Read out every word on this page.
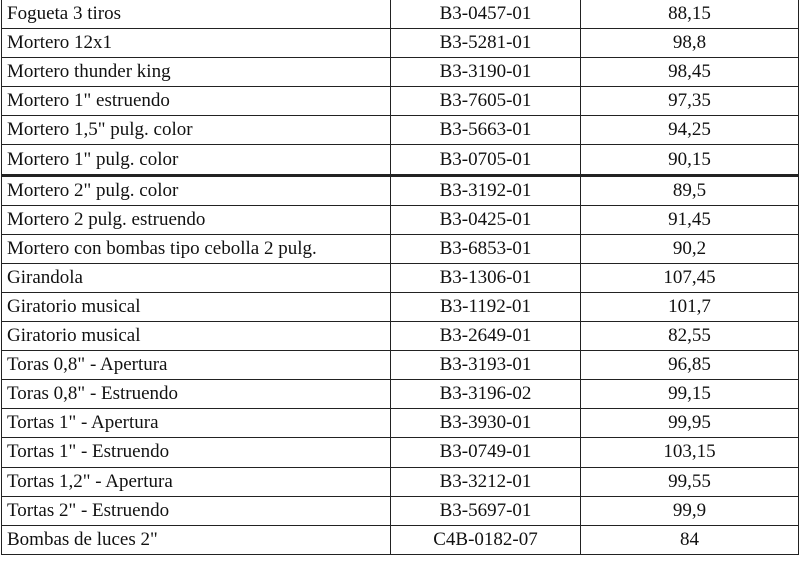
Fogueta 3 tiros	B3-0457-01	88,15
Mortero 12x1	B3-5281-01	98,8
Mortero thunder king	B3-3190-01	98,45
Mortero 1" estruendo	B3-7605-01	97,35
Mortero 1,5" pulg. color	B3-5663-01	94,25
Mortero 1" pulg. color	B3-0705-01	90,15
Mortero 2" pulg. color	B3-3192-01	89,5
Mortero 2 pulg. estruendo	B3-0425-01	91,45
Mortero con bombas tipo cebolla 2 pulg.	B3-6853-01	90,2
Girandola	B3-1306-01	107,45
Giratorio musical	B3-1192-01	101,7
Giratorio musical	B3-2649-01	82,55
Toras 0,8" - Apertura	B3-3193-01	96,85
Toras 0,8" - Estruendo	B3-3196-02	99,15
Tortas 1" - Apertura	B3-3930-01	99,95
Tortas 1" - Estruendo	B3-0749-01	103,15
Tortas 1,2" - Apertura	B3-3212-01	99,55
Tortas 2" - Estruendo	B3-5697-01	99,9
Bombas de luces 2"	C4B-0182-07	84
